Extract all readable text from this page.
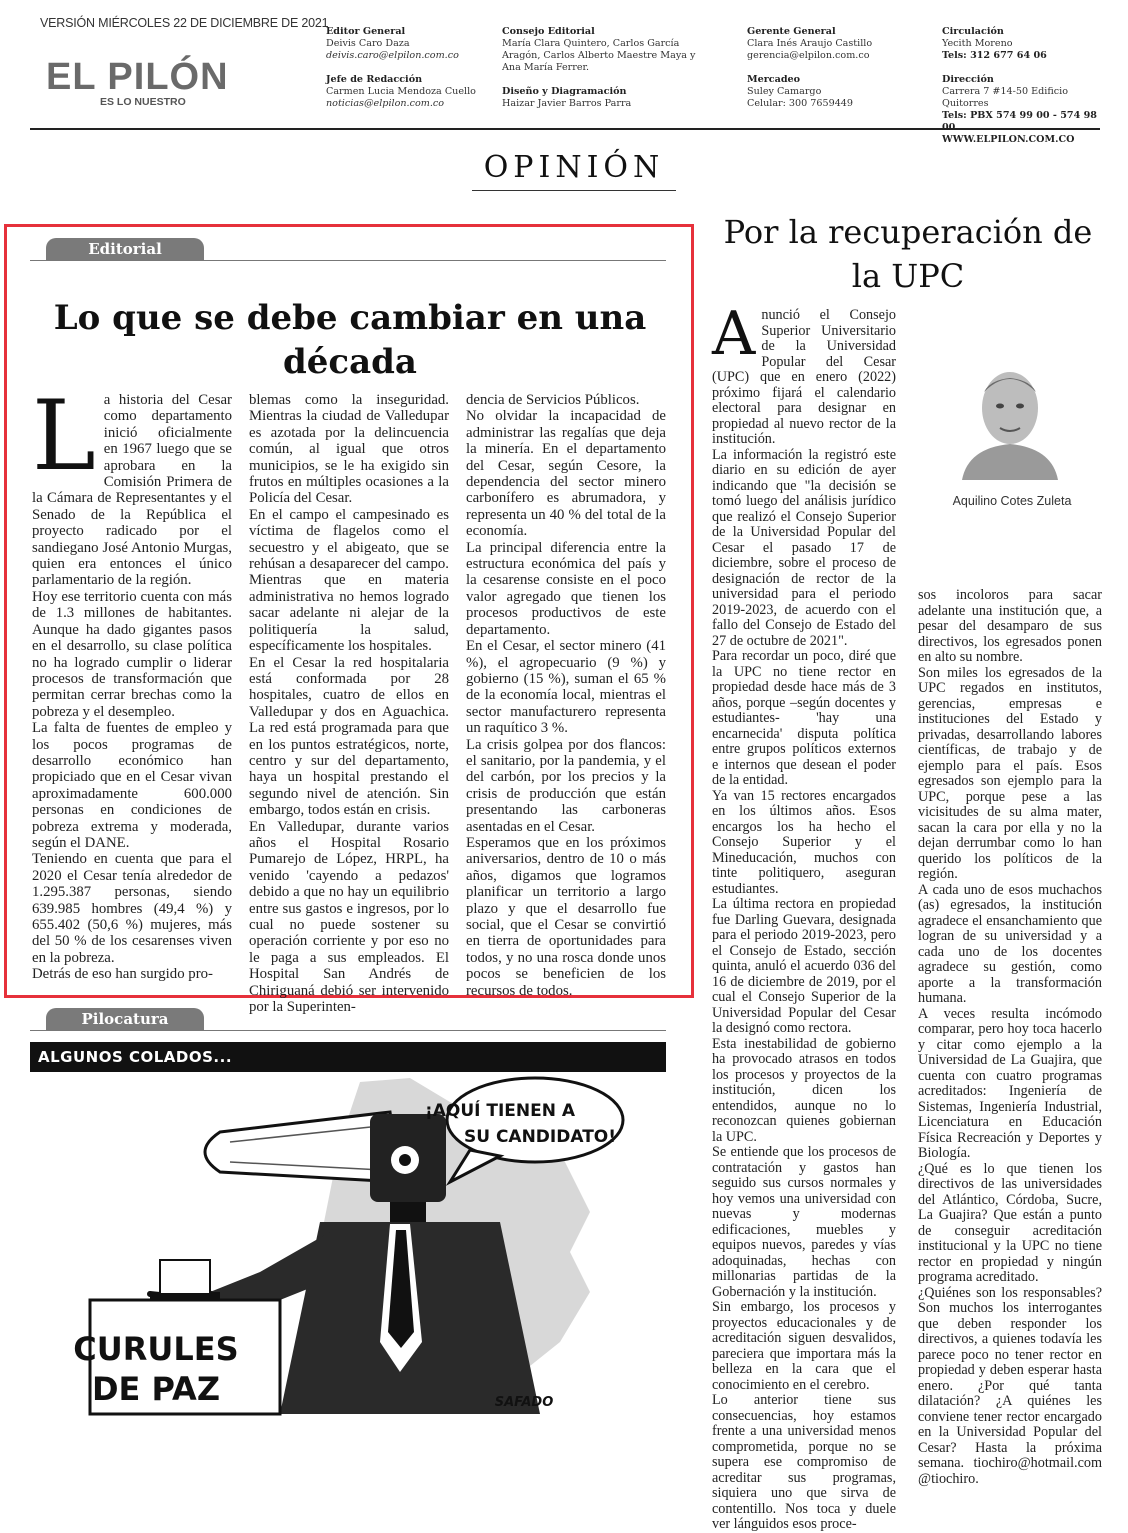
VERSIÓN MIÉRCOLES 22 DE DICIEMBRE DE 2021
EL PILÓN
ES LO NUESTRO
Editor General
Deivis Caro Daza
deivis.caro@elpilon.com.co
Jefe de Redacción
Carmen Lucia Mendoza Cuello
noticias@elpilon.com.co
Consejo Editorial
María Clara Quintero, Carlos García Aragón, Carlos Alberto Maestre Maya y Ana María Ferrer.
Diseño y Diagramación
Haizar Javier Barros Parra
Gerente General
Clara Inés Araujo Castillo
gerencia@elpilon.com.co
Mercadeo
Suley Camargo
Celular: 300 7659449
Circulación
Yecith Moreno
Tels: 312 677 64 06
Dirección
Carrera 7 #14-50 Edificio Quitorres
Tels: PBX 574 99 00 - 574 98
WWW.ELPILON.COM.CO
OPINIÓN
Editorial
Lo que se debe cambiar en una década
L a historia del Cesar como departamento inició oficialmente en 1967 luego que se aprobara en la Comisión Primera de la Cámara de Representantes y el Senado de la República el proyecto radicado por el sandiegano José Antonio Murgas, quien era entonces el único parlamentario de la región.

Hoy ese territorio cuenta con más de 1.3 millones de habitantes. Aunque ha dado gigantes pasos en el desarrollo, su clase política no ha logrado cumplir o liderar procesos de transformación que permitan cerrar brechas como la pobreza y el desempleo.

La falta de fuentes de empleo y los pocos programas de desarrollo económico han propiciado que en el Cesar vivan aproximadamente 600.000 personas en condiciones de pobreza extrema y moderada, según el DANE.

Teniendo en cuenta que para el 2020 el Cesar tenía alrededor de 1.295.387 personas, siendo 639.985 hombres (49,4 %) y 655.402 (50,6 %) mujeres, más del 50 % de los cesarenses viven en la pobreza.

Detrás de eso han surgido pro-

blemas como la inseguridad. Mientras la ciudad de Valledupar es azotada por la delincuencia común, al igual que otros municipios, se le ha exigido sin frutos en múltiples ocasiones a la Policía del Cesar.

En el campo el campesinado es víctima de flagelos como el secuestro y el abigeato, que se rehúsan a desaparecer del campo. Mientras que en materia administrativa no hemos logrado sacar adelante ni alejar de la politiquería la salud, específicamente los hospitales.

En el Cesar la red hospitalaria está conformada por 28 hospitales, cuatro de ellos en Valledupar y dos en Aguachica. La red está programada para que en los puntos estratégicos, norte, centro y sur del departamento, haya un hospital prestando el segundo nivel de atención. Sin embargo, todos están en crisis.

En Valledupar, durante varios años el Hospital Rosario Pumarejo de López, HRPL, ha venido 'cayendo a pedazos' debido a que no hay un equilibrio entre sus gastos e ingresos, por lo cual no puede sostener su operación corriente y por eso no le paga a sus empleados. El Hospital San Andrés de Chiriguaná debió ser intervenido por la Superinten-

dencia de Servicios Públicos.

No olvidar la incapacidad de administrar las regalías que deja la minería. En el departamento del Cesar, según Cesore, la dependencia del sector minero carbonífero es abrumadora, y representa un 40 % del total de la economía.

La principal diferencia entre la estructura económica del país y la cesarense consiste en el poco valor agregado que tienen los procesos productivos de este departamento.

En el Cesar, el sector minero (41 %), el agropecuario (9 %) y gobierno (15 %), suman el 65 % de la economía local, mientras el sector manufacturero representa un raquítico 3 %.

La crisis golpea por dos flancos: el sanitario, por la pandemia, y el del carbón, por los precios y la crisis de producción que están presentando las carboneras asentadas en el Cesar.

Esperamos que en los próximos aniversarios, dentro de 10 o más años, digamos que logramos planificar un territorio a largo plazo y que el desarrollo fue social, que el Cesar se convirtió en tierra de oportunidades para todos, y no una rosca donde unos pocos se beneficien de los recursos de todos.

Pilocatura
ALGUNOS COLADOS...
¡AQUÍ TIENEN A
SU CANDIDATO!
CURULES
DE PAZ	SAFADO
Por la recuperación de la UPC
A nunció el Consejo Superior Universitario de la Universidad Popular del Cesar (UPC) que en enero (2022) próximo fijará el calendario electoral para designar en propiedad al nuevo rector de la institución.

La información la registró este diario en su edición de ayer indicando que "la decisión se tomó luego del análisis jurídico que realizó el Consejo Superior de la Universidad Popular del Cesar el pasado 17 de diciembre, sobre el proceso de designación de rector de la universidad para el periodo 2019-2023, de acuerdo con el fallo del Consejo de Estado del 27 de octubre de 2021".

Para recordar un poco, diré que la UPC no tiene rector en propiedad desde hace más de 3 años, porque –según docentes y estudiantes- 'hay una encarnecida' disputa política entre grupos políticos externos e internos que desean el poder de la entidad.

Ya van 15 rectores encargados en los últimos años. Esos encargos los ha hecho el Consejo Superior y el Mineducación, muchos con tinte politiquero, aseguran estudiantes.

La última rectora en propiedad fue Darling Guevara, designada para el periodo 2019-2023, pero el Consejo de Estado, sección quinta, anuló el acuerdo 036 del 16 de diciembre de 2019, por el cual el Consejo Superior de la Universidad Popular del Cesar la designó como rectora.

Esta inestabilidad de gobierno ha provocado atrasos en todos los procesos y proyectos de la institución, dicen los entendidos, aunque no lo reconozcan quienes gobiernan la UPC.

Se entiende que los procesos de contratación y gastos han seguido sus cursos normales y hoy vemos una universidad con nuevas y modernas edificaciones, muebles y equipos nuevos, paredes y vías adoquinadas, hechas con millonarias partidas de la Gobernación y la institución.

Sin embargo, los procesos y proyectos educacionales y de acreditación siguen desvalidos, pareciera que importara más la belleza en la cara que el conocimiento en el cerebro.

Lo anterior tiene sus consecuencias, hoy estamos frente a una universidad menos comprometida, porque no se supera ese compromiso de acreditar sus programas, siquiera uno que sirva de contentillo. Nos toca y duele ver lánguidos esos proce-

Aquilino Cotes Zuleta

sos incoloros para sacar adelante una institución que, a pesar del desamparo de sus directivos, los egresados ponen en alto su nombre.

Son miles los egresados de la UPC regados en institutos, gerencias, empresas e instituciones del Estado y privadas, desarrollando labores científicas, de trabajo y de ejemplo para el país. Esos egresados son ejemplo para la UPC, porque pese a las vicisitudes de su alma mater, sacan la cara por ella y no la dejan derrumbar como lo han querido los políticos de la región.

A cada uno de esos muchachos (as) egresados, la institución agradece el ensanchamiento que logran de su universidad y a cada uno de los docentes agradece su gestión, como aporte a la transformación humana.

A veces resulta incómodo comparar, pero hoy toca hacerlo y citar como ejemplo a la Universidad de La Guajira, que cuenta con cuatro programas acreditados: Ingeniería de Sistemas, Ingeniería Industrial, Licenciatura en Educación Física Recreación y Deportes y Biología.

¿Qué es lo que tienen los directivos de las universidades del Atlántico, Córdoba, Sucre, La Guajira? Que están a punto de conseguir acreditación institucional y la UPC no tiene rector en propiedad y ningún programa acreditado.

¿Quiénes son los responsables? Son muchos los interrogantes que deben responder los directivos, a quienes todavía les parece poco no tener rector en propiedad y deben esperar hasta enero. ¿Por qué tanta dilatación? ¿A quiénes les conviene tener rector encargado en la Universidad Popular del Cesar? Hasta la próxima semana. tiochiro@hotmail.com @tiochiro.
